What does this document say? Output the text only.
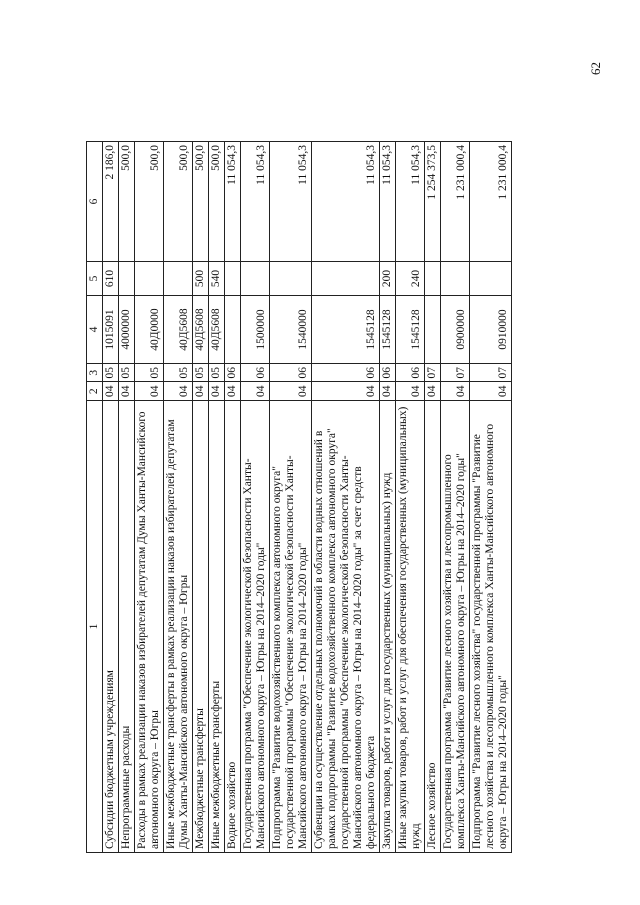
62
1	2	3	4	5	6
Субсидии бюджетным учреждениям	04	05	1015091	610	2 186,0
Непрограммные расходы	04	05	4000000		500,0
Расходы в рамках реализации наказов избирателей депутатам Думы Ханты-Мансийского автономного округа – Югры	04	05	40Д0000		500,0
Иные межбюджетные трансферты в рамках реализации наказов избирателей депутатам Думы Ханты-Мансийского автономного округа – Югры	04	05	40Д5608		500,0
Межбюджетные трансферты	04	05	40Д5608	500	500,0
Иные межбюджетные трансферты	04	05	40Д5608	540	500,0
Водное хозяйство	04	06			11 054,3
Государственная программа "Обеспечение экологической безопасности Ханты-Мансийского автономного округа – Югры на 2014–2020 годы"	04	06	1500000		11 054,3
Подпрограмма "Развитие водохозяйственного комплекса автономного округа" государственной программы "Обеспечение экологической безопасности Ханты-Мансийского автономного округа – Югры на 2014–2020 годы"	04	06	1540000		11 054,3
Субвенции на осуществление отдельных полномочий в области водных отношений в рамках подпрограммы "Развитие водохозяйственного комплекса автономного округа" государственной программы "Обеспечение экологической безопасности Ханты-Мансийского автономного округа – Югры на 2014–2020 годы" за счет средств федерального бюджета	04	06	1545128		11 054,3
Закупка товаров, работ и услуг для государственных (муниципальных) нужд	04	06	1545128	200	11 054,3
Иные закупки товаров, работ и услуг для обеспечения государственных (муниципальных) нужд	04	06	1545128	240	11 054,3
Лесное хозяйство	04	07			1 254 373,5
Государственная программа "Развитие лесного хозяйства и лесопромышленного комплекса Ханты-Мансийского автономного округа – Югры на 2014–2020 годы"	04	07	0900000		1 231 000,4
Подпрограмма "Развитие лесного хозяйства" государственной программы "Развитие лесного хозяйства и лесопромышленного комплекса Ханты-Мансийского автономного округа – Югры на 2014–2020 годы"	04	07	0910000		1 231 000,4
